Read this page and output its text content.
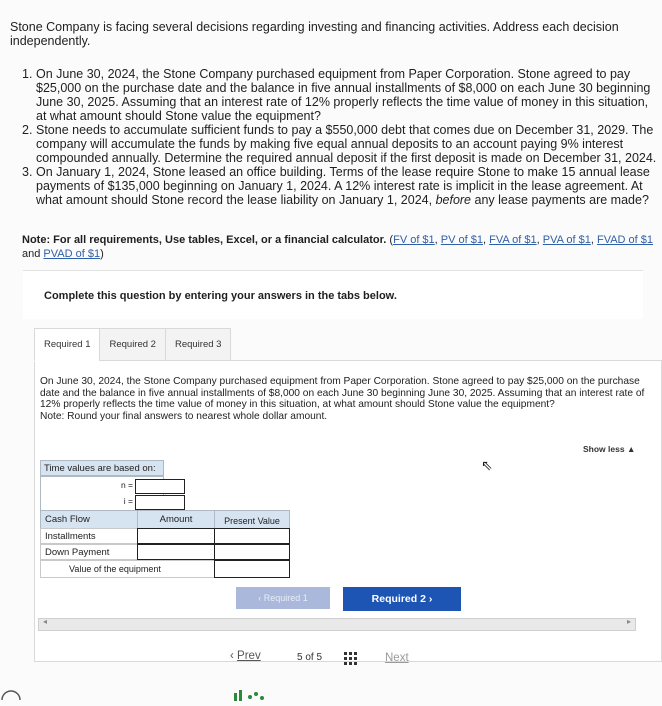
Stone Company is facing several decisions regarding investing and financing activities. Address each decision independently.

1. On June 30, 2024, the Stone Company purchased equipment from Paper Corporation. Stone agreed to pay $25,000 on the purchase date and the balance in five annual installments of $8,000 on each June 30 beginning June 30, 2025. Assuming that an interest rate of 12% properly reflects the time value of money in this situation, at what amount should Stone value the equipment?

2. Stone needs to accumulate sufficient funds to pay a $550,000 debt that comes due on December 31, 2029. The company will accumulate the funds by making five equal annual deposits to an account paying 9% interest compounded annually. Determine the required annual deposit if the first deposit is made on December 31, 2024.

3. On January 1, 2024, Stone leased an office building. Terms of the lease require Stone to make 15 annual lease payments of $135,000 beginning on January 1, 2024. A 12% interest rate is implicit in the lease agreement. At what amount should Stone record the lease liability on January 1, 2024, before any lease payments are made?

Note: For all requirements, Use tables, Excel, or a financial calculator. (FV of $1, PV of $1, FVA of $1, PVA of $1, FVAD of $1 and PVAD of $1)
Complete this question by entering your answers in the tabs below.
Required 1	Required 2	Required 3
On June 30, 2024, the Stone Company purchased equipment from Paper Corporation. Stone agreed to pay $25,000 on the purchase date and the balance in five annual installments of $8,000 on each June 30 beginning June 30, 2025. Assuming that an interest rate of 12% properly reflects the time value of money in this situation, at what amount should Stone value the equipment?
Note: Round your final answers to nearest whole dollar amount.
Show less ▲
⇖
Time values are based on:
n =
i =
Cash Flow	Amount	Present Value
Installments
Down Payment
Value of the equipment
‹ Required 1	Required 2 ›
◂	▸
‹ Prev	5 of 5	Next
